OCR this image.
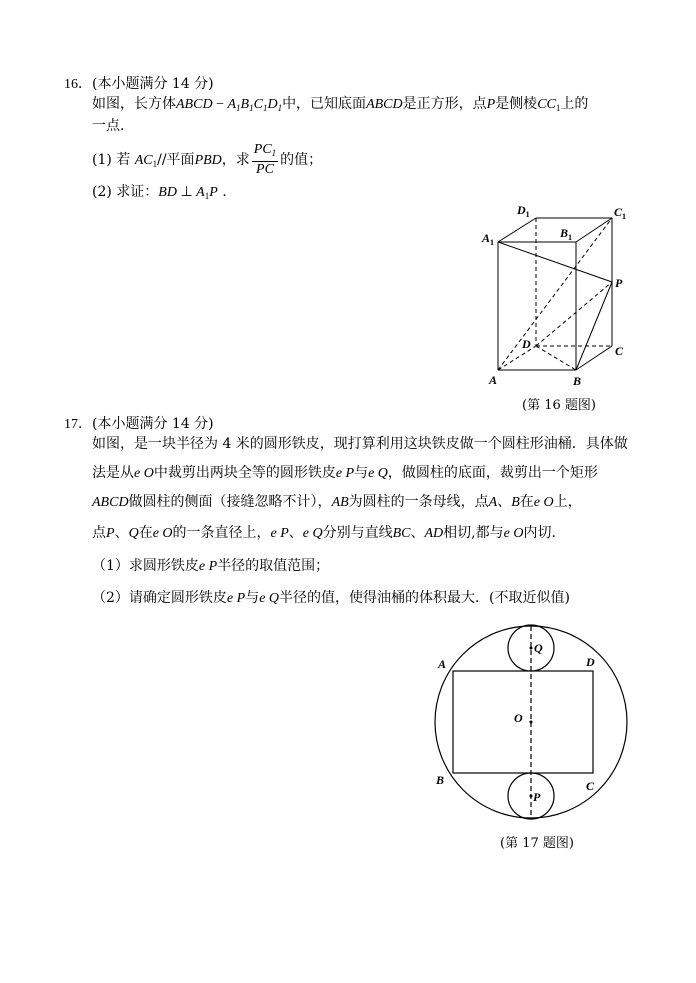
16．(本小题满分 14 分)
如图，长方体ABCD − $A_1B_1C_1D_1$中，已知底面ABCD是正方形，点P是侧棱$CC_1$上的
一点.
(1) 若 $AC_1//$平面PBD，求 $\frac{PC_1}{PC}$ 的值；
(2) 求证：BD ⊥ $A_1P$ .
$D_1$	$C_1$
$B_1$
$A_1$
P
D	C
A	B
(第 16 题图)
17．(本小题满分 14 分)
如图，是一块半径为 4 米的圆形铁皮，现打算利用这块铁皮做一个圆柱形油桶．具体做
法是从e O中裁剪出两块全等的圆形铁皮e P与e Q，做圆柱的底面，裁剪出一个矩形
ABCD做圆柱的侧面（接缝忽略不计），AB为圆柱的一条母线，点A、B在e O上，
点P、Q在e O的一条直径上，e P、e Q分别与直线BC、AD相切,都与e O内切．
（1）求圆形铁皮e P半径的取值范围；
（2）请确定圆形铁皮e P与e Q半径的值，使得油桶的体积最大．(不取近似值)
Q
A	D
O
B	C
P
(第 17 题图)
